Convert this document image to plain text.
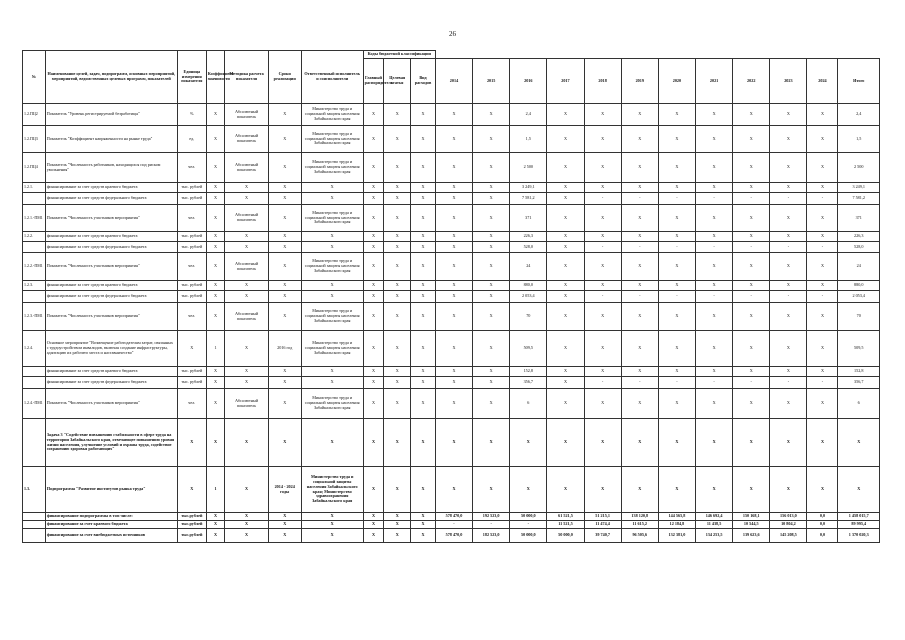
26
№	Наименование целей, задач, подпрограмм, основных мероприятий, мероприятий, ведомственных целевых программ, показателей	Единица измерения показателя	Коэффициент значимости	Методика расчета показателя	Сроки реализации	Ответственный исполнитель и соисполнители	Коды бюджетной классификации														
							Главный распорядитель	Целевая статья	Вид расходов	2014	2015	2016	2017	2018	2019	2020	2021	2022	2023	2024	Итого
1.2.ПЦ2	Показатель "Уровень регистрируемой безработицы"	%	X	Абсолютный показатель	X	Министерство труда и социальной защиты населения Забайкальского края	X	X	X	X	X	2,4	X	X	X	X	X	X	X	X	2,4
1.2.ПЦ3	Показатель "Коэффициент напряженности на рынке труда"	ед.	X	Абсолютный показатель	X	Министерство труда и социальной защиты населения Забайкальского края	X	X	X	X	X	1,5	X	X	X	X	X	X	X	X	1,5
1.2.ПЦ4	Показатель "Численность работников, находящихся под риском увольнения"	чел.	X	Абсолютный показатель	X	Министерство труда и социальной защиты населения Забайкальского края	X	X	X	X	X	2 500	X	X	X	X	X	X	X	X	2 500
1.2.1.	финансирование за счет средств краевого бюджета	тыс. рублей	X	X	X	X	X	X	X	X	X	3 249,1	X	X	X	X	X	X	X	X	3 249,1
	финансирование за счет средств федерального бюджета	тыс. рублей	X	X	X	X	X	X	X	X	X	7 581,2	X	-	-	-	-	-	-	-	7 581,2
1.2.1.-ПМ1	Показатель "Численность участников мероприятия"	чел.	X	Абсолютный показатель	X	Министерство труда и социальной защиты населения Забайкальского края	X	X	X	X	X	371	X	X	X	X	X	X	X	X	371
1.2.2.	финансирование за счет средств краевого бюджета	тыс. рублей	X	X	X	X	X	X	X	X	X	226,3	X	X	X	X	X	X	X	X	226,3
	финансирование за счет средств федерального бюджета	тыс. рублей	X	X	X	X	X	X	X	X	X	528,0	X	-	-	-	-	-	-	-	528,0
1.2.2.-ПМ1	Показатель "Численность участников мероприятия"	чел.	X	Абсолютный показатель	X	Министерство труда и социальной защиты населения Забайкальского края	X	X	X	X	X	24	X	X	X	X	X	X	X	X	24
1.2.3.	финансирование за счет средств краевого бюджета	тыс. рублей	X	X	X	X	X	X	X	X	X	880,0	X	X	X	X	X	X	X	X	880,0
	финансирование за счет средств федерального бюджета	тыс. рублей	X	X	X	X	X	X	X	X	X	2 053,4	X	-	-	-	-	-	-	-	2 053,4
1.2.3.-ПМ1	Показатель "Численность участников мероприятия"	чел.	X	Абсолютный показатель	X	Министерство труда и социальной защиты населения Забайкальского края	X	X	X	X	X	70	X	X	X	X	X	X	X	X	70
1.2.4.	Основное мероприятие "Возмещение работодателям затрат, связанных с трудоустройством инвалидов, включая создание инфраструктуры, адаптацию их рабочего места и наставничество"	X	1	X	2016 год	Министерство труда и социальной защиты населения Забайкальского края	X	X	X	X	X	509,5	X	X	X	X	X	X	X	X	509,5
	финансирование за счет средств краевого бюджета	тыс. рублей	X	X	X	X	X	X	X	X	X	152,8	X	X	X	X	X	X	X	X	152,8
	финансирование за счет средств федерального бюджета	тыс. рублей	X	X	X	X	X	X	X	X	X	356,7	X	-	-	-	-	-	-	-	356,7
1.2.4.-ПМ1	Показатель "Численность участников мероприятия"	чел.	X	Абсолютный показатель	X	Министерство труда и социальной защиты населения Забайкальского края	X	X	X	X	X	6	X	X	X	X	X	X	X	X	6
	Задача 3 "Содействие повышению стабильности в сфере труда на территории Забайкальского края, отвечающее повышению уровня жизни населения, улучшение условий и охраны труда, содействие сохранению здоровья работающих"	X	X	X	X	X	X	X	X	X	X	X	X	X	X	X	X	X	X	X	X
1.3.	Подпрограмма "Развитие институтов рынка труда"	X	1	X	2014 - 2024 годы	Министерство труда и социальной защиты населения Забайкальского края; Министерство здравоохранения Забайкальского края	X	X	X	X	X	X	X	X	X	X	X	X	X	X	X
	финансирование подпрограммы в том числе:	тыс.рублей	X	X	X	X	X	X	X	578 470,0	192 523,0	50 000,0	61 521,5	51 215,1	138 120,8	144 565,8	146 692,4	150 168,1	156 013,0	0,0	1 458 015,7
	финансирование за счет краевого бюджета	тыс.рублей	X	X	X	X	X	X	X	-	-	-	11 521,5	11 474,4	11 615,2	12 184,8	11 438,5	10 544,5	10 804,2	0,0	89 995,4
	финансирование за счет внебюджетных источников	тыс.рублей	X	X	X	X	X	X	X	578 470,0	182 523,0	50 000,0	50 000,0	39 740,7	96 505,6	132 381,0	134 253,5	139 623,6	145 208,5	0,0	1 370 020,3
